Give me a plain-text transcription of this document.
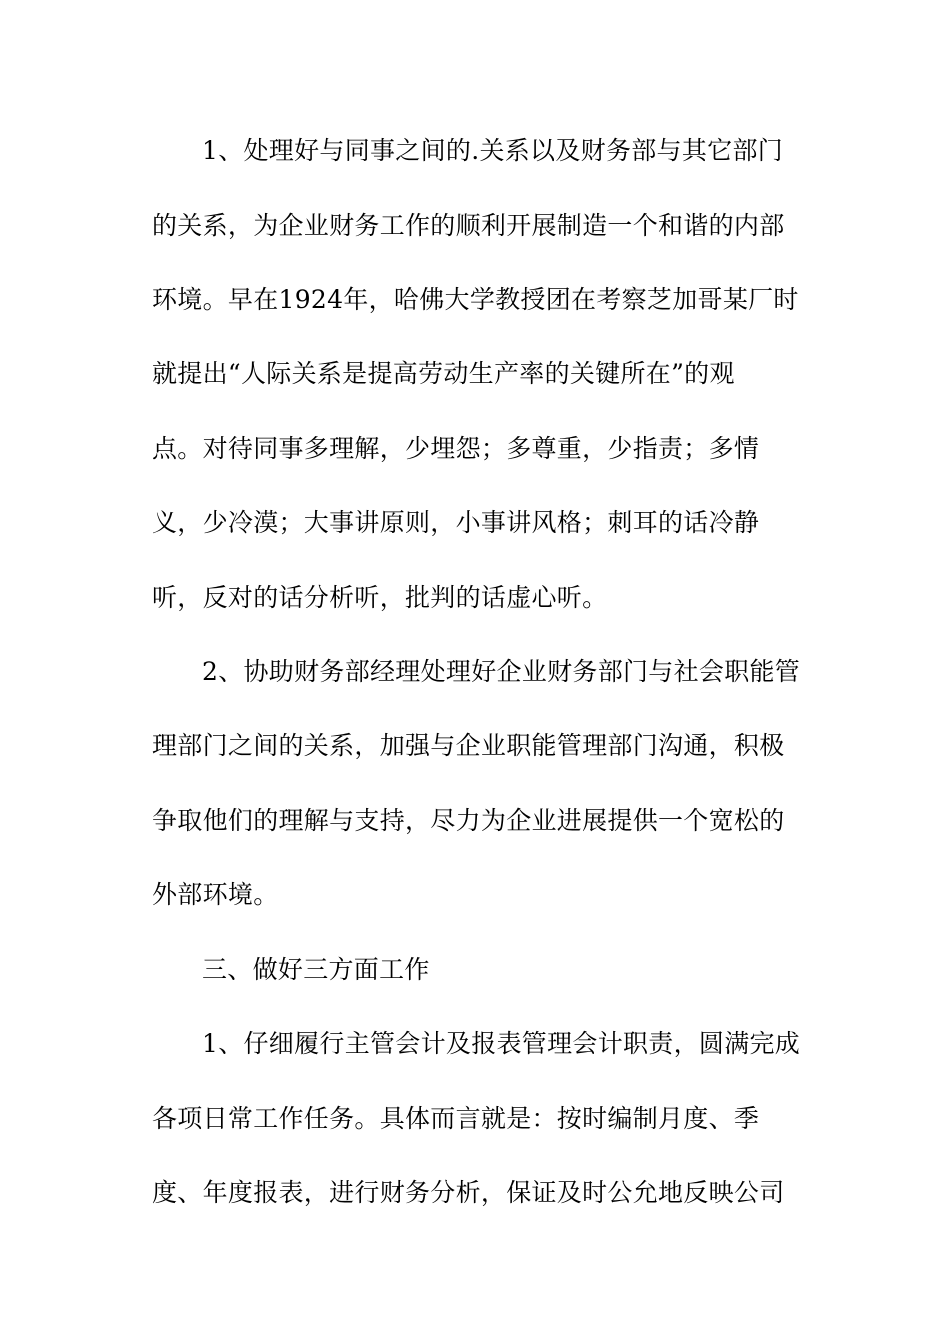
1、处理好与同事之间的.关系以及财务部与其它部门
的关系，为企业财务工作的顺利开展制造一个和谐的内部
环境。早在1924年，哈佛大学教授团在考察芝加哥某厂时
就提出“人际关系是提高劳动生产率的关键所在”的观
点。对待同事多理解，少埋怨；多尊重，少指责；多情
义，少冷漠；大事讲原则，小事讲风格；刺耳的话冷静
听，反对的话分析听，批判的话虚心听。
2、协助财务部经理处理好企业财务部门与社会职能管
理部门之间的关系，加强与企业职能管理部门沟通，积极
争取他们的理解与支持，尽力为企业进展提供一个宽松的
外部环境。
三、做好三方面工作
1、仔细履行主管会计及报表管理会计职责，圆满完成
各项日常工作任务。具体而言就是：按时编制月度、季
度、年度报表，进行财务分析，保证及时公允地反映公司
